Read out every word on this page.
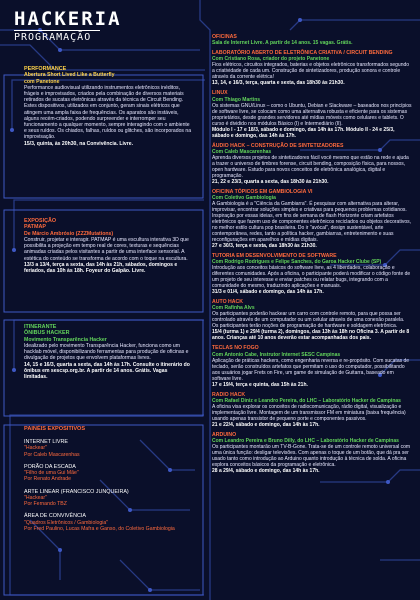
HACKERIA
PROGRAMAÇÃO
PERFORMANCE
Abertura Short Lived Like a Butterfly
com Panetone
Performance audiovisual utilizando instrumentos eletrônicos inéditos, frágeis e improvisados, criados pela combinação de diversos materiais retirados de sucatas eletrônicas através da técnica de Circuit Bending. Estes dispositivos, utilizados em conjunto, geram sinais elétricos que atingem uma ampla faixa de frequências. Os aparatos são instáveis, alguns recém-criados, podendo surpreender e interromper seu funcionamento a qualquer momento, sempre interagindo com o ambiente e seus ruídos. Os chiados, falhas, ruídos ou glitches, são incorporados na improvisação.
15/3, quinta, às 20h30, na Convivência. Livre.
EXPOSIÇÃO
PATMAP
De Márcio Ambrósio (ZZZMutations)
Construir, projetar e interagir. PATMAP é uma escultura interativa 3D que possibilita a projeção em tempo real de cores, texturas e sequências animadas criadas pelos visitantes a partir de uma interface sensorial. A estética do conteúdo se transforma de acordo com o toque na escultura.
13/3 a 13/4, terça a sexta, das 14h às 21h, sábados, domingos e feriados, das 10h às 18h. Foyeur do Galpão. Livre.
ITINERANTE
ÔNIBUS HACKER
Movimento Transparência Hacker
Idealizado pelo movimento Transparência Hacker, funciona como um hacklab móvel, disponibilizando ferramentas para produção de oficinas e divulgação de projetos que envolvem plataformas livres.
14, 15 e 16/3, quarta a sexta, das 14h às 17h. Consulte o itinerário do ônibus em sescsp.org.br. A partir de 14 anos. Grátis. Vagas limitadas.
PAINÉIS EXPOSITIVOS
INTERNET LIVRE
"Hackear"
Por Caleb Mascarenhas
PORÃO DA ESCADA
"Filho de uma Gui Mãe"
Por Renato Andrade
ARTE LINEAR (FRANCISCO JUNQUEIRA)
"Hackear"
Por Fernando TBZ
ÁREA DE CONVIVÊNCIA
"Quadros Eletrônicos / Gambiologia"
Por Fred Paulino, Lucas Mafra e Ganso, do Coletivo Gambiologia
OFICINAS
Sala de Internet Livre. A partir de 14 anos. 15 vagas. Grátis.
LABORATÓRIO ABERTO DE ELETRÔNICA CRIATIVA / CIRCUIT BENDING
Com Cristiano Rosa, criador do projeto Panetone
Fios elétricos, circuitos integrados, baterias e objetos eletrônicos transformados segundo a criatividade de cada um. Construção de sintetizadores, produção sonora e controle através da corrente elétrica!
13, 14, e 16/3, terça, quarta e sexta, das 18h30 às 21h30.
LINUX
Com Thiago Martins
Os sistemas GNU/Linux – como o Ubuntu, Debian e Slackware – baseados nos princípios de software livre, se colocam como uma alternativa robusta e eficiente para os sistemas proprietários, desde grandes servidores até mídias móveis como celulares e tablets. O curso é dividido nos módulos Básico (I) e Intermediário (II).
Módulo I - 17 e 18/3, sábado e domingo, das 14h às 17h. Módulo II - 24 e 25/3, sábado e domingo, das 14h às 17h.
ÁUDIO HACK – CONSTRUÇÃO DE SINTETIZADORES
Com Caleb Mascarenhas
Aprenda diversos projetos de sintetizadores fácil você mesmo que estão na rede e ajuda a trazer o universo de timbres forense, circuit bending, composição física, para nossos, open hardware. Estudo para novos conceitos de eletrônica analógica, digital e programação.
21, 22 e 23/3, quarta a sexta, das 18h30 às 21h30.
OFICINA TÓPICOS EM GAMBIOLOGIA VI
Com Coletivo Gambiologia
A Gambiologia é a "Ciência da Gambiarra". É pesquisar com alternativa para alterar, improvisar, encontrar soluções simples e criativas para pequenos problemas cotidianos. Inspiração por essas ideias, em fins de semana de flash Horizonte criam artefatos eletrônicos que fazem uso de componentes eletrônicos reciclados ou objetos decorativos, no melhor estilo cultura pop brasileira. Do ir "avócal", design sustentável, arte contemporânea, redes, tanto a política hacker, gambiarras, entretenimento e suas reconfigurações em aparelhos e mídias digitais.
27 e 30/3, terça e sexta, das 18h30 às 21h30.
TUTORIA EM DESENVOLVIMENTO DE SOFTWARE
Com Rodrigo Rodrigues e Felipe Sanches, do Garoa Hacker Clube (SP)
Introdução aos conceitos básicos do software livre, as 4 liberdades, colaboração e diferentes comunidades. Após a oficina, o participante poderá modificar o código fonte de um projeto de seu interesse e enviar patches ou relatar bugs, integrando com a comunidade do mesmo, traduzindo aplicações e manuais.
31/3 e 01/4, sábado e domingo, das 14h às 17h.
AUTO HACK
Com Rafinha Alvs
Os participantes poderão hackear um carro com controle remoto, para que possa ser controlado através de um computador ou um celular através de uma conexão paralela. Os participantes terão noções de programação de hardware e soldagem eletrônica.
15/4 (turma 1) e 29/4 (turma 2), domingos, das 13h às 18h no Oficina 3. A partir de 8 anos. Crianças até 10 anos deverão estar acompanhadas dos pais.
TECLAS NO FOGO
Com Antonio Cabe, Instrutor Internet SESC Campinas
Aplicação de práticas hackers, como engenharia reversa e re-propósito. Com sucatas de teclado, serão construídos artefatos que permitam o uso do computador, possibilitando aos usuários jogar Frets on Fire, um game de simulação de Guitarra, baseado em software livre.
17 e 19/4, terça e quinta, das 15h às 21h.
RADIO HACK
Com Rafael Diniz e Leandro Pereira, do LHC – Laboratório Hacker de Campinas
A oficina visa explorar os conceitos de radiocomunicação, rádio digital, visualização e implementação livre. Montagem de um transmissor FM em miniatura (baixa frequência) usando apenas transistor de pequeno porte e componentes passivos.
21 e 22/4, sábado e domingo, das 14h às 17h.
ARDUINO
Com Leandro Pereira e Bruno Dilly, do LHC – Laboratório Hacker de Campinas
Os participantes montarão um TV-B-Gone. Trata-se de um controle remoto universal com uma única função: desligar televisões. Com apenas o toque de um botão, que dá pra ser usado tanto como introdução ao Arduino quanto introdução à técnica de solda. A oficina explora conceitos básicos da programação e eletrônica.
28 a 29/4, sábado e domingo, das 14h às 17h.
